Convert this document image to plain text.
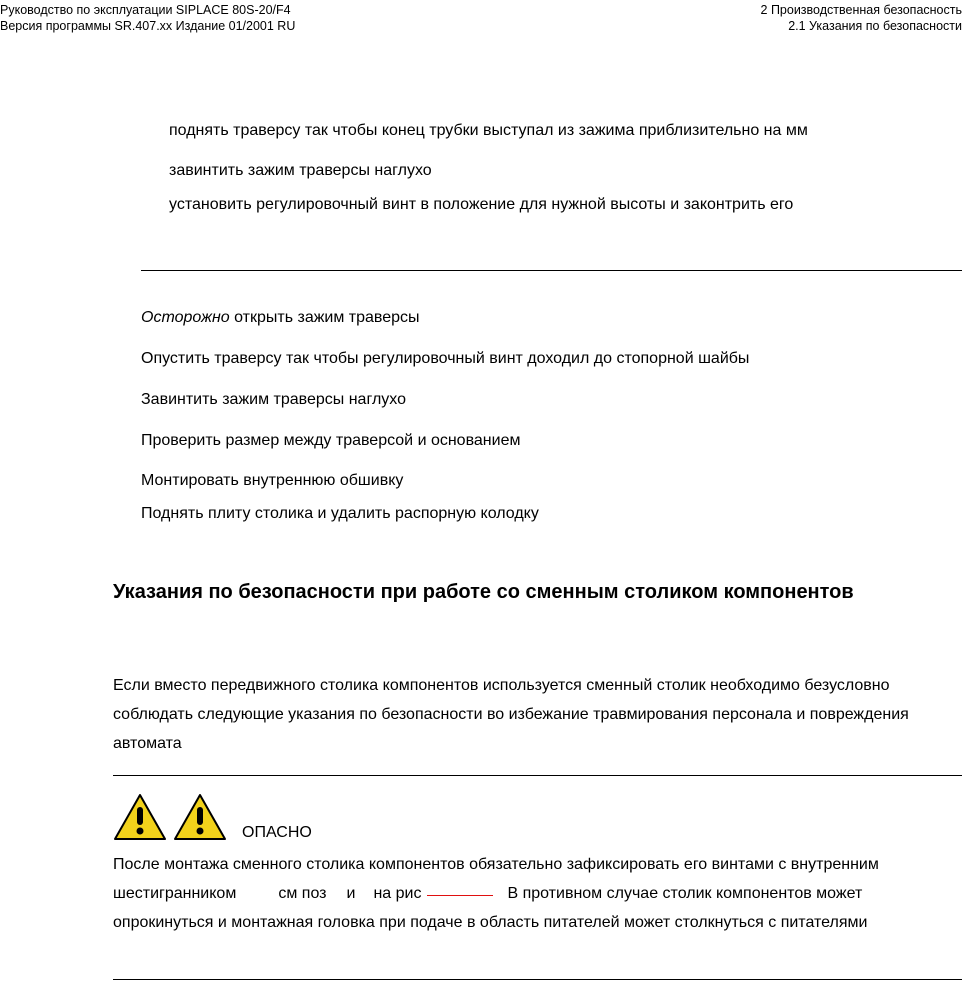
Руководство по эксплуатации SIPLACE 80S-20/F4
Версия программы SR.407.xx Издание 01/2001 RU
2 Производственная безопасность
2.1 Указания по безопасности

поднять траверсу так чтобы конец трубки выступал из зажима приблизительно на мм

завинтить зажим траверсы наглухо

установить регулировочный винт в положение для нужной высоты и законтрить его

Осторожно открыть зажим траверсы

Опустить траверсу так чтобы регулировочный винт доходил до стопорной шайбы

Завинтить зажим траверсы наглухо

Проверить размер между траверсой и основанием

Монтировать внутреннюю обшивку

Поднять плиту столика и удалить распорную колодку

Указания по безопасности при работе со сменным столиком компонентов

Если вместо передвижного столика компонентов используется сменный столик необходимо безусловно соблюдать следующие указания по безопасности во избежание травмирования персонала и повреждения автомата

ОПАСНО

После монтажа сменного столика компонентов обязательно зафиксировать его винтами с внутренним шестигранником	см поз и на рис	В противном случае столик компонентов может опрокинуться и монтажная головка при подаче в область питателей может столкнуться с питателями
